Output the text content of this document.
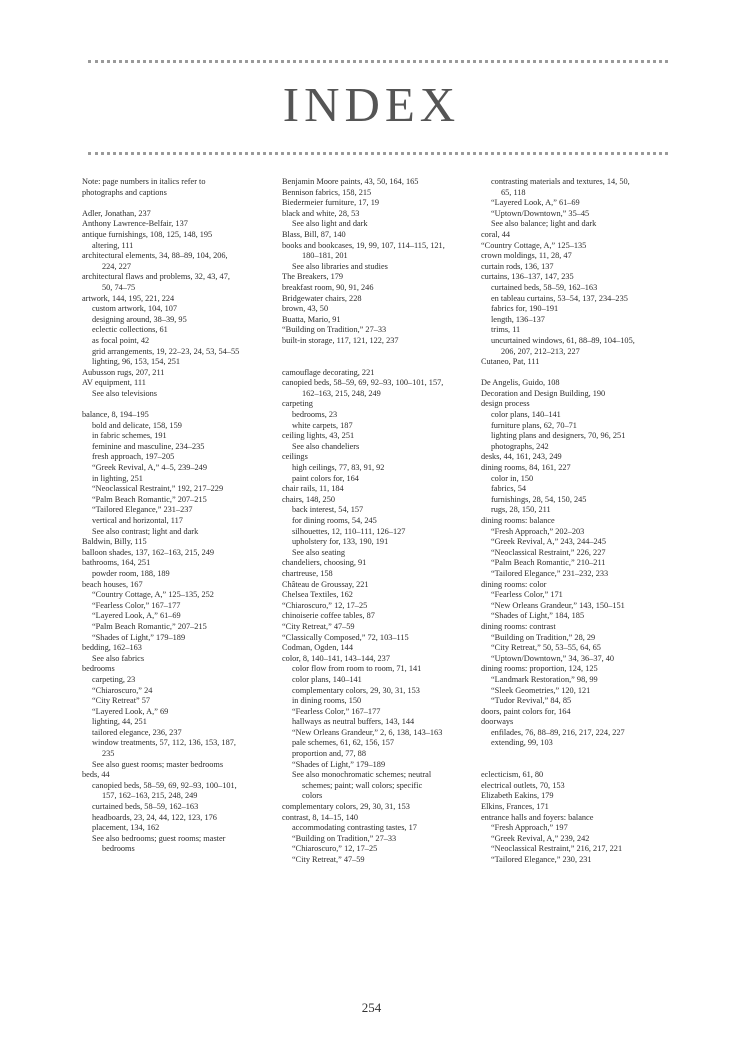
INDEX
Note: page numbers in italics refer to
photographs and captions
Adler, Jonathan, 237
Anthony Lawrence-Belfair, 137
antique furnishings, 108, 125, 148, 195
altering, 111
architectural elements, 34, 88–89, 104, 206,
224, 227
architectural flaws and problems, 32, 43, 47,
50, 74–75
artwork, 144, 195, 221, 224
custom artwork, 104, 107
designing around, 38–39, 95
eclectic collections, 61
as focal point, 42
grid arrangements, 19, 22–23, 24, 53, 54–55
lighting, 96, 153, 154, 251
Aubusson rugs, 207, 211
AV equipment, 111
See also televisions
balance, 8, 194–195
bold and delicate, 158, 159
in fabric schemes, 191
feminine and masculine, 234–235
fresh approach, 197–205
“Greek Revival, A,” 4–5, 239–249
in lighting, 251
“Neoclassical Restraint,” 192, 217–229
“Palm Beach Romantic,” 207–215
“Tailored Elegance,” 231–237
vertical and horizontal, 117
See also contrast; light and dark
Baldwin, Billy, 115
balloon shades, 137, 162–163, 215, 249
bathrooms, 164, 251
powder room, 188, 189
beach houses, 167
“Country Cottage, A,” 125–135, 252
“Fearless Color,” 167–177
“Layered Look, A,” 61–69
“Palm Beach Romantic,” 207–215
“Shades of Light,” 179–189
bedding, 162–163
See also fabrics
bedrooms
carpeting, 23
“Chiaroscuro,” 24
“City Retreat” 57
“Layered Look, A,” 69
lighting, 44, 251
tailored elegance, 236, 237
window treatments, 57, 112, 136, 153, 187,
235
See also guest rooms; master bedrooms
beds, 44
canopied beds, 58–59, 69, 92–93, 100–101,
157, 162–163, 215, 248, 249
curtained beds, 58–59, 162–163
headboards, 23, 24, 44, 122, 123, 176
placement, 134, 162
See also bedrooms; guest rooms; master
bedrooms
Benjamin Moore paints, 43, 50, 164, 165
Bennison fabrics, 158, 215
Biedermeier furniture, 17, 19
black and white, 28, 53
See also light and dark
Blass, Bill, 87, 140
books and bookcases, 19, 99, 107, 114–115, 121,
180–181, 201
See also libraries and studies
The Breakers, 179
breakfast room, 90, 91, 246
Bridgewater chairs, 228
brown, 43, 50
Buatta, Mario, 91
“Building on Tradition,” 27–33
built-in storage, 117, 121, 122, 237
camouflage decorating, 221
canopied beds, 58–59, 69, 92–93, 100–101, 157,
162–163, 215, 248, 249
carpeting
bedrooms, 23
white carpets, 187
ceiling lights, 43, 251
See also chandeliers
ceilings
high ceilings, 77, 83, 91, 92
paint colors for, 164
chair rails, 11, 184
chairs, 148, 250
back interest, 54, 157
for dining rooms, 54, 245
silhouettes, 12, 110–111, 126–127
upholstery for, 133, 190, 191
See also seating
chandeliers, choosing, 91
chartreuse, 158
Château de Groussay, 221
Chelsea Textiles, 162
“Chiaroscuro,” 12, 17–25
chinoiserie coffee tables, 87
“City Retreat,” 47–59
“Classically Composed,” 72, 103–115
Codman, Ogden, 144
color, 8, 140–141, 143–144, 237
color flow from room to room, 71, 141
color plans, 140–141
complementary colors, 29, 30, 31, 153
in dining rooms, 150
“Fearless Color,” 167–177
hallways as neutral buffers, 143, 144
“New Orleans Grandeur,” 2, 6, 138, 143–163
pale schemes, 61, 62, 156, 157
proportion and, 77, 88
“Shades of Light,” 179–189
See also monochromatic schemes; neutral
schemes; paint; wall colors; specific
colors
complementary colors, 29, 30, 31, 153
contrast, 8, 14–15, 140
accommodating contrasting tastes, 17
“Building on Tradition,” 27–33
“Chiaroscuro,” 12, 17–25
“City Retreat,” 47–59
contrasting materials and textures, 14, 50,
65, 118
“Layered Look, A,” 61–69
“Uptown/Downtown,” 35–45
See also balance; light and dark
coral, 44
“Country Cottage, A,” 125–135
crown moldings, 11, 28, 47
curtain rods, 136, 137
curtains, 136–137, 147, 235
curtained beds, 58–59, 162–163
en tableau curtains, 53–54, 137, 234–235
fabrics for, 190–191
length, 136–137
trims, 11
uncurtained windows, 61, 88–89, 104–105,
206, 207, 212–213, 227
Cutaneo, Pat, 111
De Angelis, Guido, 108
Decoration and Design Building, 190
design process
color plans, 140–141
furniture plans, 62, 70–71
lighting plans and designers, 70, 96, 251
photographs, 242
desks, 44, 161, 243, 249
dining rooms, 84, 161, 227
color in, 150
fabrics, 54
furnishings, 28, 54, 150, 245
rugs, 28, 150, 211
dining rooms: balance
“Fresh Approach,” 202–203
“Greek Revival, A,” 243, 244–245
“Neoclassical Restraint,” 226, 227
“Palm Beach Romantic,” 210–211
“Tailored Elegance,” 231–232, 233
dining rooms: color
“Fearless Color,” 171
“New Orleans Grandeur,” 143, 150–151
“Shades of Light,” 184, 185
dining rooms: contrast
“Building on Tradition,” 28, 29
“City Retreat,” 50, 53–55, 64, 65
“Uptown/Downtown,” 34, 36–37, 40
dining rooms: proportion, 124, 125
“Landmark Restoration,” 98, 99
“Sleek Geometries,” 120, 121
“Tudor Revival,” 84, 85
doors, paint colors for, 164
doorways
enfilades, 76, 88–89, 216, 217, 224, 227
extending, 99, 103
eclecticism, 61, 80
electrical outlets, 70, 153
Elizabeth Eakins, 179
Elkins, Frances, 171
entrance halls and foyers: balance
“Fresh Approach,” 197
“Greek Revival, A,” 239, 242
“Neoclassical Restraint,” 216, 217, 221
“Tailored Elegance,” 230, 231
254
